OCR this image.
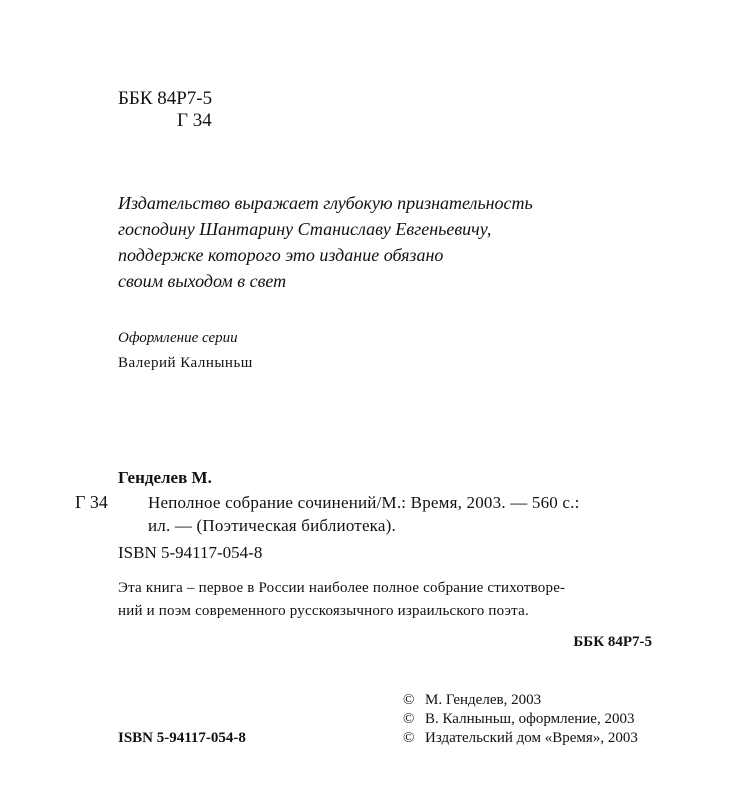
ББК 84Р7-5
Г 34
Издательство выражает глубокую признательность
господину Шантарину Станиславу Евгеньевичу,
поддержке которого это издание обязано
своим выходом в свет
Оформление серии
Валерий Калныньш
Генделев М.
Г 34 Неполное собрание сочинений/М.: Время, 2003. — 560 с.:
ил. — (Поэтическая библиотека).
ISBN 5-94117-054-8
Эта книга – первое в России наиболее полное собрание стихотворе-
ний и поэм современного русскоязычного израильского поэта.
ББК 84Р7-5
ISBN 5-94117-054-8
© М. Генделев, 2003
© В. Калныньш, оформление, 2003
© Издательский дом «Время», 2003
